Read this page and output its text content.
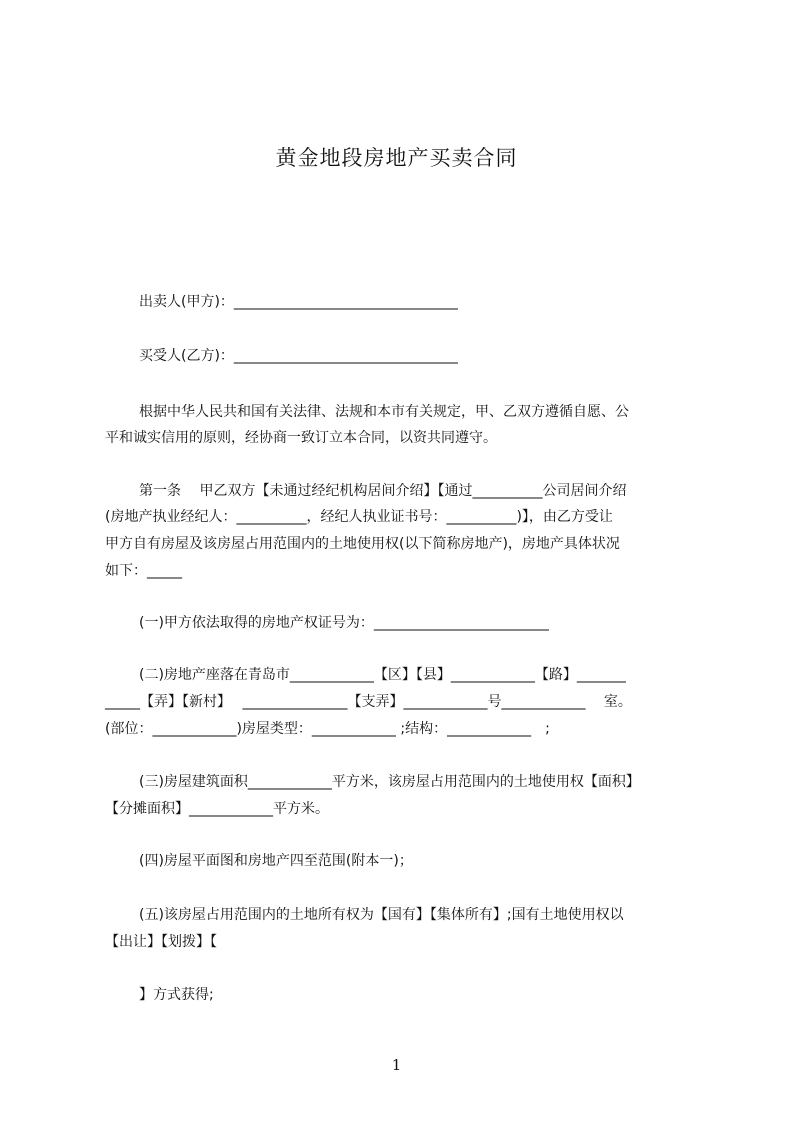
黄金地段房地产买卖合同
出卖人(甲方)：________________________________
买受人(乙方)：________________________________
根据中华人民共和国有关法律、法规和本市有关规定，甲、乙双方遵循自愿、公
平和诚实信用的原则，经协商一致订立本合同，以资共同遵守。
第一条　 甲乙双方【未通过经纪机构居间介绍】【通过__________公司居间介绍
(房地产执业经纪人：__________，经纪人执业证书号：__________)】，由乙方受让
甲方自有房屋及该房屋占用范围内的土地使用权(以下简称房地产)，房地产具体状况
如下：_____
(一)甲方依法取得的房地产权证号为：_________________________
(二)房地产座落在青岛市____________【区】【县】____________【路】_______
_____【弄】【新村】　 _______________【支弄】____________号____________　 室。
(部位：____________)房屋类型：____________ ;结构：____________　;
(三)房屋建筑面积____________平方米，该房屋占用范围内的土地使用权【面积】
【分摊面积】____________平方米。
(四)房屋平面图和房地产四至范围(附本一)；
(五)该房屋占用范围内的土地所有权为【国有】【集体所有】;国有土地使用权以
【出让】【划拨】【
】方式获得;
1
